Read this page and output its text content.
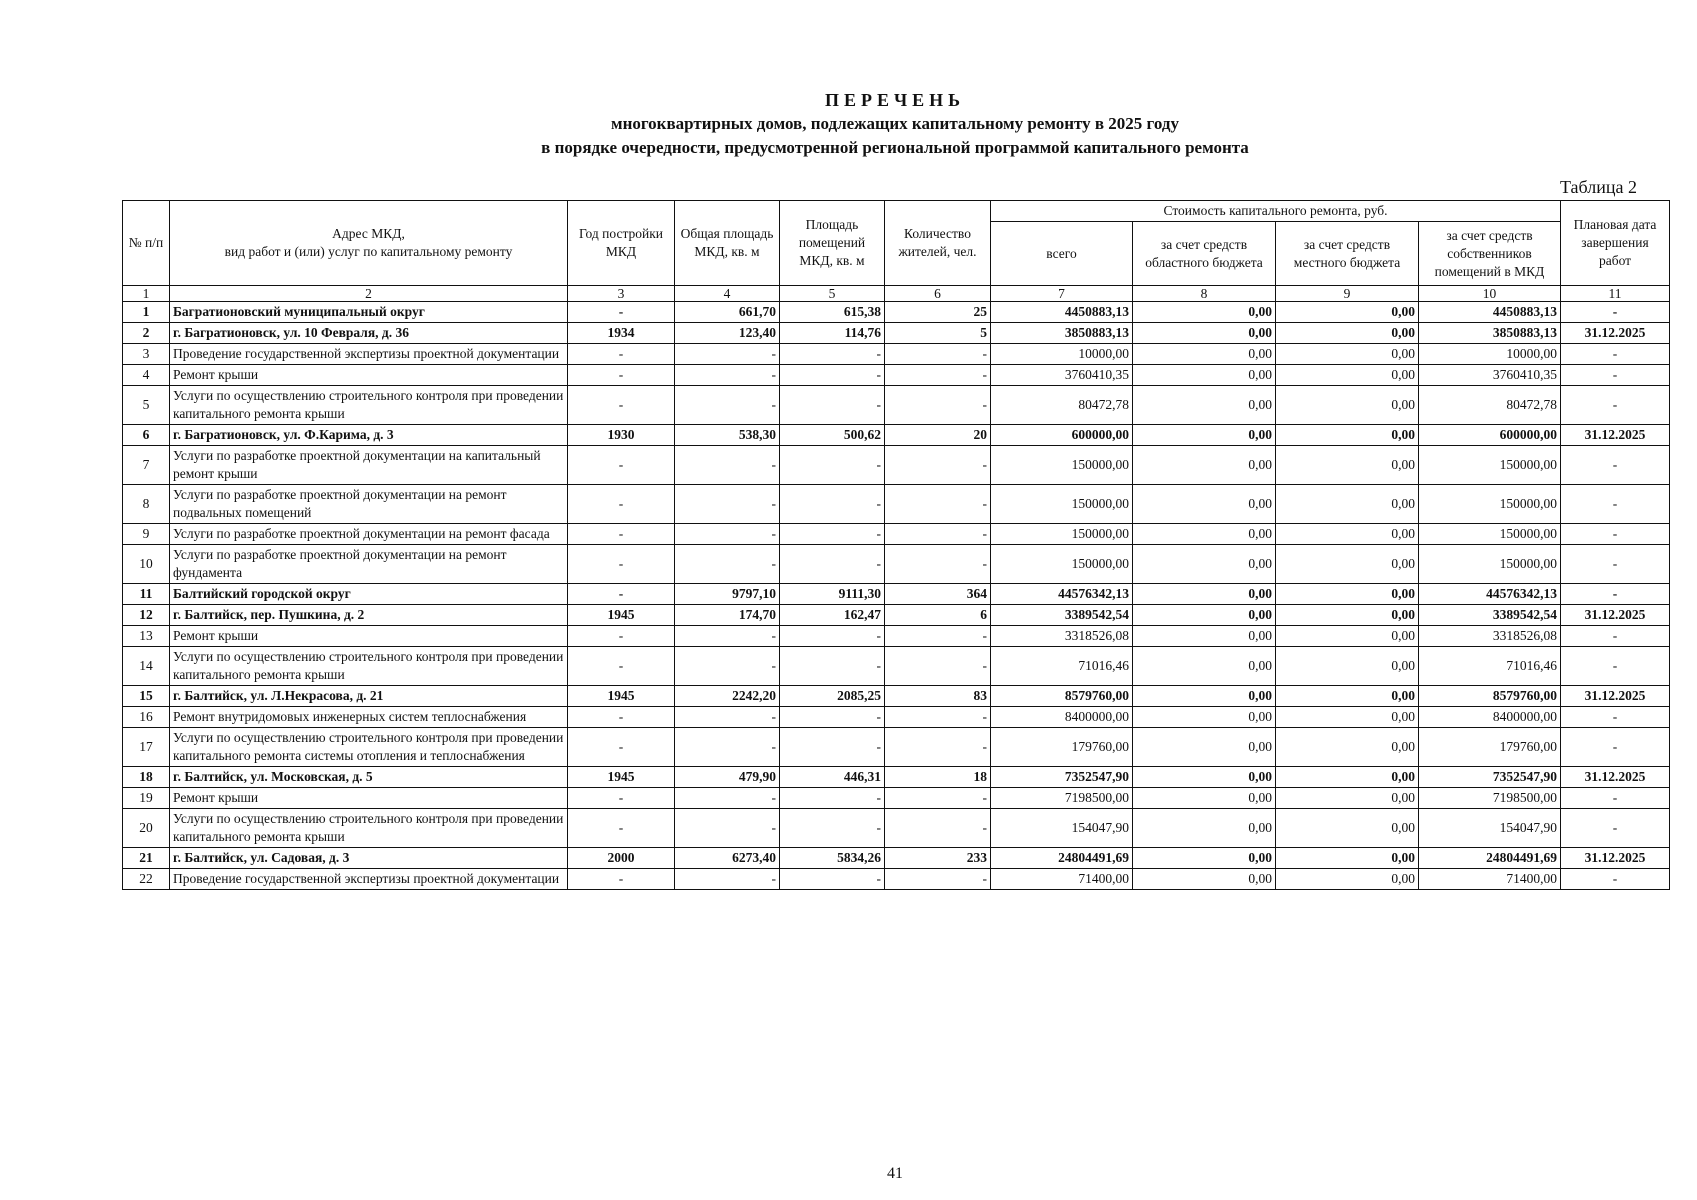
ПЕРЕЧЕНЬ
многоквартирных домов, подлежащих капитальному ремонту в 2025 году
в порядке очередности, предусмотренной региональной программой капитального ремонта
Таблица 2
№ п/п	Адрес МКД,
вид работ и (или) услуг по капитальному ремонту	Год постройки МКД	Общая площадь МКД, кв. м	Площадь помещений МКД, кв. м	Количество жителей, чел.	Стоимость капитального ремонта, руб.				Плановая дата завершения работ
						всего	за счет средств областного бюджета	за счет средств местного бюджета	за счет средств собственников помещений в МКД	
1	2	3	4	5	6	7	8	9	10	11
1	Багратионовский муниципальный округ	-	661,70	615,38	25	4450883,13	0,00	0,00	4450883,13	-
2	г. Багратионовск, ул. 10 Февраля, д. 36	1934	123,40	114,76	5	3850883,13	0,00	0,00	3850883,13	31.12.2025
3	Проведение государственной экспертизы проектной документации	-	-	-	-	10000,00	0,00	0,00	10000,00	-
4	Ремонт крыши	-	-	-	-	3760410,35	0,00	0,00	3760410,35	-
5	Услуги по осуществлению строительного контроля при проведении капитального ремонта крыши	-	-	-	-	80472,78	0,00	0,00	80472,78	-
6	г. Багратионовск, ул. Ф.Карима, д. 3	1930	538,30	500,62	20	600000,00	0,00	0,00	600000,00	31.12.2025
7	Услуги по разработке проектной документации на капитальный ремонт крыши	-	-	-	-	150000,00	0,00	0,00	150000,00	-
8	Услуги по разработке проектной документации на ремонт подвальных помещений	-	-	-	-	150000,00	0,00	0,00	150000,00	-
9	Услуги по разработке проектной документации на ремонт фасада	-	-	-	-	150000,00	0,00	0,00	150000,00	-
10	Услуги по разработке проектной документации на ремонт фундамента	-	-	-	-	150000,00	0,00	0,00	150000,00	-
11	Балтийский городской округ	-	9797,10	9111,30	364	44576342,13	0,00	0,00	44576342,13	-
12	г. Балтийск, пер. Пушкина, д. 2	1945	174,70	162,47	6	3389542,54	0,00	0,00	3389542,54	31.12.2025
13	Ремонт крыши	-	-	-	-	3318526,08	0,00	0,00	3318526,08	-
14	Услуги по осуществлению строительного контроля при проведении капитального ремонта крыши	-	-	-	-	71016,46	0,00	0,00	71016,46	-
15	г. Балтийск, ул. Л.Некрасова, д. 21	1945	2242,20	2085,25	83	8579760,00	0,00	0,00	8579760,00	31.12.2025
16	Ремонт внутридомовых инженерных систем теплоснабжения	-	-	-	-	8400000,00	0,00	0,00	8400000,00	-
17	Услуги по осуществлению строительного контроля при проведении капитального ремонта системы отопления и теплоснабжения	-	-	-	-	179760,00	0,00	0,00	179760,00	-
18	г. Балтийск, ул. Московская, д. 5	1945	479,90	446,31	18	7352547,90	0,00	0,00	7352547,90	31.12.2025
19	Ремонт крыши	-	-	-	-	7198500,00	0,00	0,00	7198500,00	-
20	Услуги по осуществлению строительного контроля при проведении капитального ремонта крыши	-	-	-	-	154047,90	0,00	0,00	154047,90	-
21	г. Балтийск, ул. Садовая, д. 3	2000	6273,40	5834,26	233	24804491,69	0,00	0,00	24804491,69	31.12.2025
22	Проведение государственной экспертизы проектной документации	-	-	-	-	71400,00	0,00	0,00	71400,00	-
41
